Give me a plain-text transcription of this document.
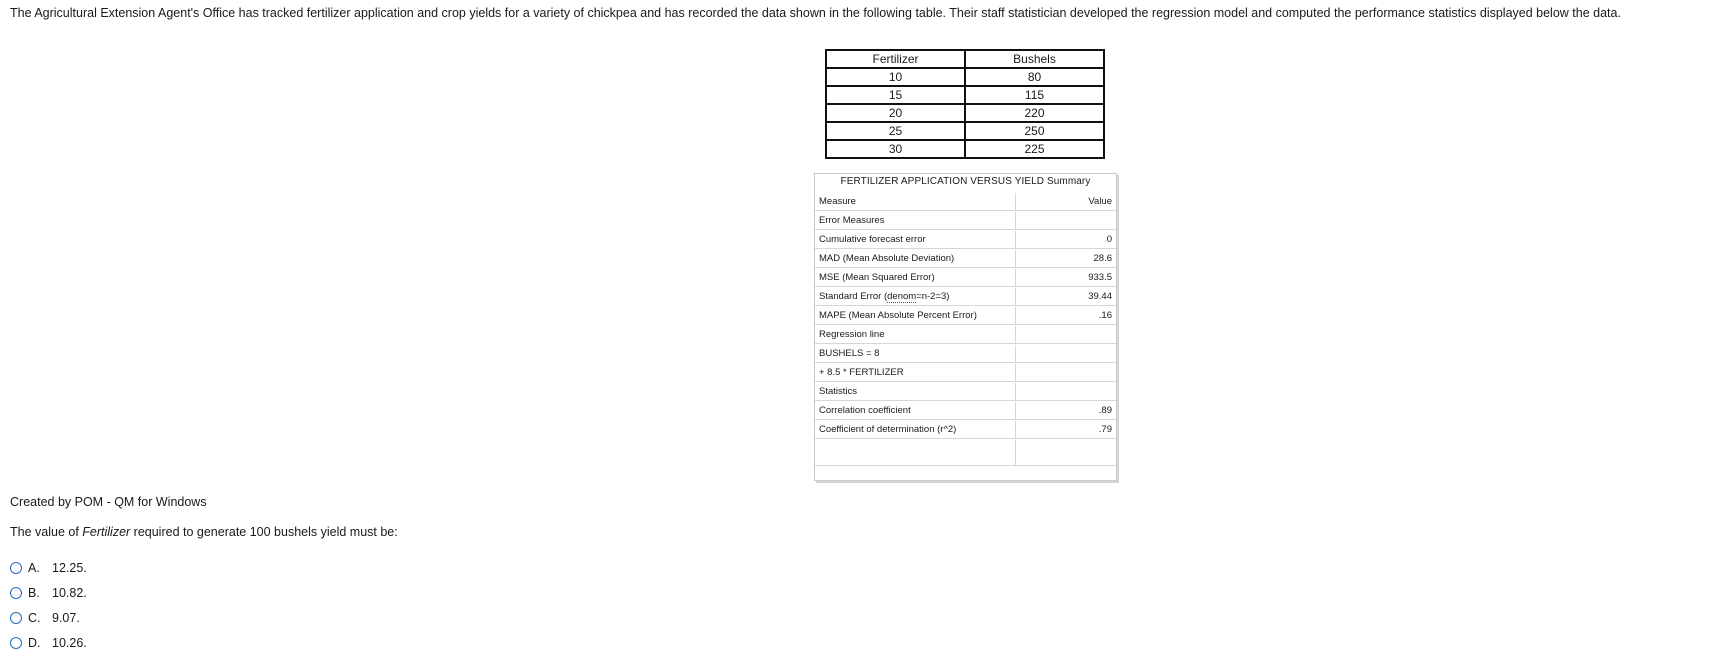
The Agricultural Extension Agent's Office has tracked fertilizer application and crop yields for a variety of chickpea and has recorded the data shown in the following table. Their staff statistician developed the regression model and computed the performance statistics displayed below the data.
Fertilizer	Bushels
10	80
15	115
20	220
25	250
30	225
FERTILIZER APPLICATION VERSUS YIELD Summary
Measure	Value
Error Measures
Cumulative forecast error	0
MAD (Mean Absolute Deviation)	28.6
MSE (Mean Squared Error)	933.5
Standard Error (denom=n-2=3)	39.44
MAPE (Mean Absolute Percent Error)	.16
Regression line
BUSHELS = 8
+ 8.5 * FERTILIZER
Statistics
Correlation coefficient	.89
Coefficient of determination (r^2)	.79
Created by POM - QM for Windows
The value of Fertilizer required to generate 100 bushels yield must be:
A. 12.25.
B. 10.82.
C. 9.07.
D. 10.26.
